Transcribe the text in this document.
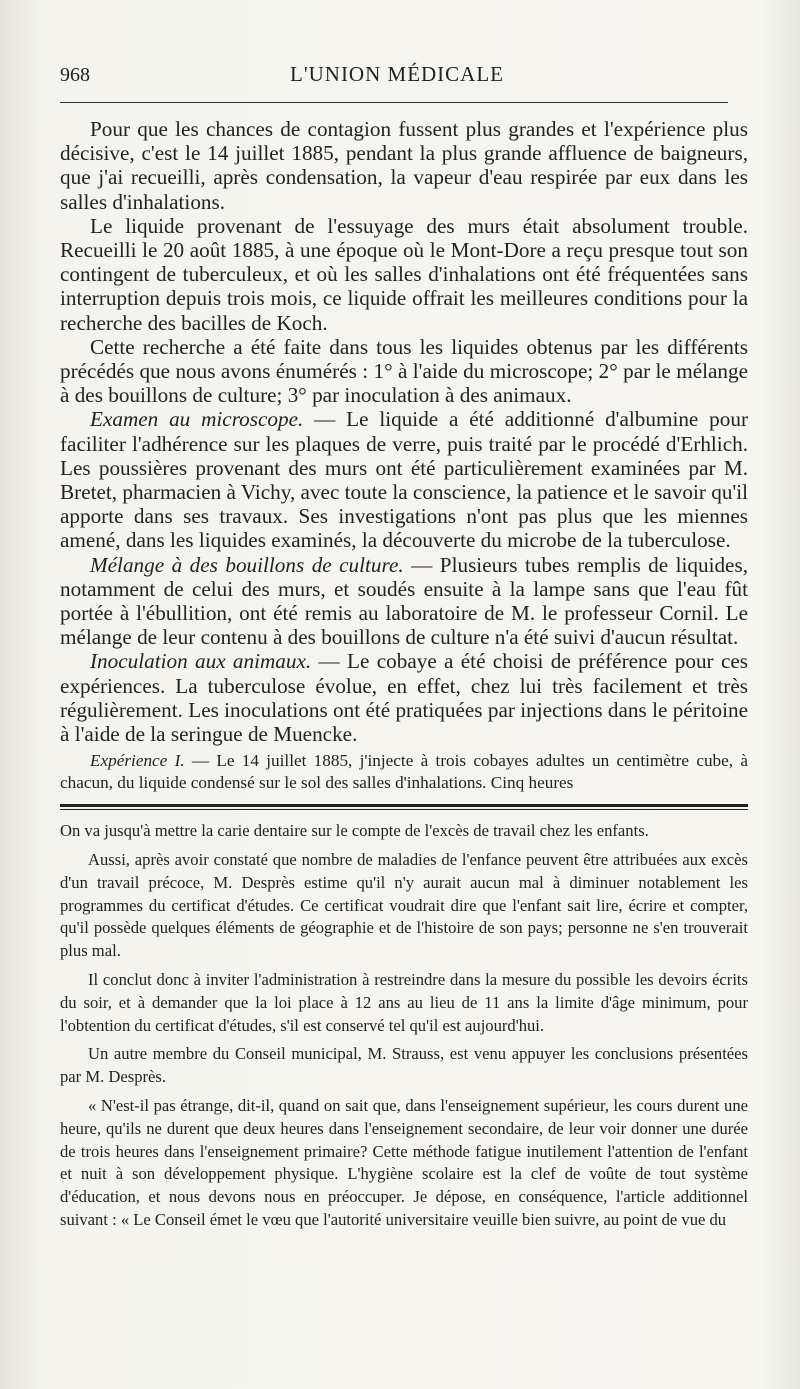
968	L'UNION MÉDICALE

Pour que les chances de contagion fussent plus grandes et l'expérience plus décisive, c'est le 14 juillet 1885, pendant la plus grande affluence de baigneurs, que j'ai recueilli, après condensation, la vapeur d'eau respirée par eux dans les salles d'inhalations.

Le liquide provenant de l'essuyage des murs était absolument trouble. Recueilli le 20 août 1885, à une époque où le Mont-Dore a reçu presque tout son contingent de tuberculeux, et où les salles d'inhalations ont été fréquentées sans interruption depuis trois mois, ce liquide offrait les meilleures conditions pour la recherche des bacilles de Koch.

Cette recherche a été faite dans tous les liquides obtenus par les différents précédés que nous avons énumérés : 1° à l'aide du microscope; 2° par le mélange à des bouillons de culture; 3° par inoculation à des animaux.

Examen au microscope. — Le liquide a été additionné d'albumine pour faciliter l'adhérence sur les plaques de verre, puis traité par le procédé d'Erhlich. Les poussières provenant des murs ont été particulièrement examinées par M. Bretet, pharmacien à Vichy, avec toute la conscience, la patience et le savoir qu'il apporte dans ses travaux. Ses investigations n'ont pas plus que les miennes amené, dans les liquides examinés, la découverte du microbe de la tuberculose.

Mélange à des bouillons de culture. — Plusieurs tubes remplis de liquides, notamment de celui des murs, et soudés ensuite à la lampe sans que l'eau fût portée à l'ébullition, ont été remis au laboratoire de M. le professeur Cornil. Le mélange de leur contenu à des bouillons de culture n'a été suivi d'aucun résultat.

Inoculation aux animaux. — Le cobaye a été choisi de préférence pour ces expériences. La tuberculose évolue, en effet, chez lui très facilement et très régulièrement. Les inoculations ont été pratiquées par injections dans le péritoine à l'aide de la seringue de Muencke.

Expérience I. — Le 14 juillet 1885, j'injecte à trois cobayes adultes un centimètre cube, à chacun, du liquide condensé sur le sol des salles d'inhalations. Cinq heures

On va jusqu'à mettre la carie dentaire sur le compte de l'excès de travail chez les enfants.

Aussi, après avoir constaté que nombre de maladies de l'enfance peuvent être attribuées aux excès d'un travail précoce, M. Desprès estime qu'il n'y aurait aucun mal à diminuer notablement les programmes du certificat d'études. Ce certificat voudrait dire que l'enfant sait lire, écrire et compter, qu'il possède quelques éléments de géographie et de l'histoire de son pays; personne ne s'en trouverait plus mal.

Il conclut donc à inviter l'administration à restreindre dans la mesure du possible les devoirs écrits du soir, et à demander que la loi place à 12 ans au lieu de 11 ans la limite d'âge minimum, pour l'obtention du certificat d'études, s'il est conservé tel qu'il est aujourd'hui.

Un autre membre du Conseil municipal, M. Strauss, est venu appuyer les conclusions présentées par M. Desprès.

« N'est-il pas étrange, dit-il, quand on sait que, dans l'enseignement supérieur, les cours durent une heure, qu'ils ne durent que deux heures dans l'enseignement secondaire, de leur voir donner une durée de trois heures dans l'enseignement primaire? Cette méthode fatigue inutilement l'attention de l'enfant et nuit à son développement physique. L'hygiène scolaire est la clef de voûte de tout système d'éducation, et nous devons nous en préoccuper. Je dépose, en conséquence, l'article additionnel suivant : « Le Conseil émet le vœu que l'autorité universitaire veuille bien suivre, au point de vue du
